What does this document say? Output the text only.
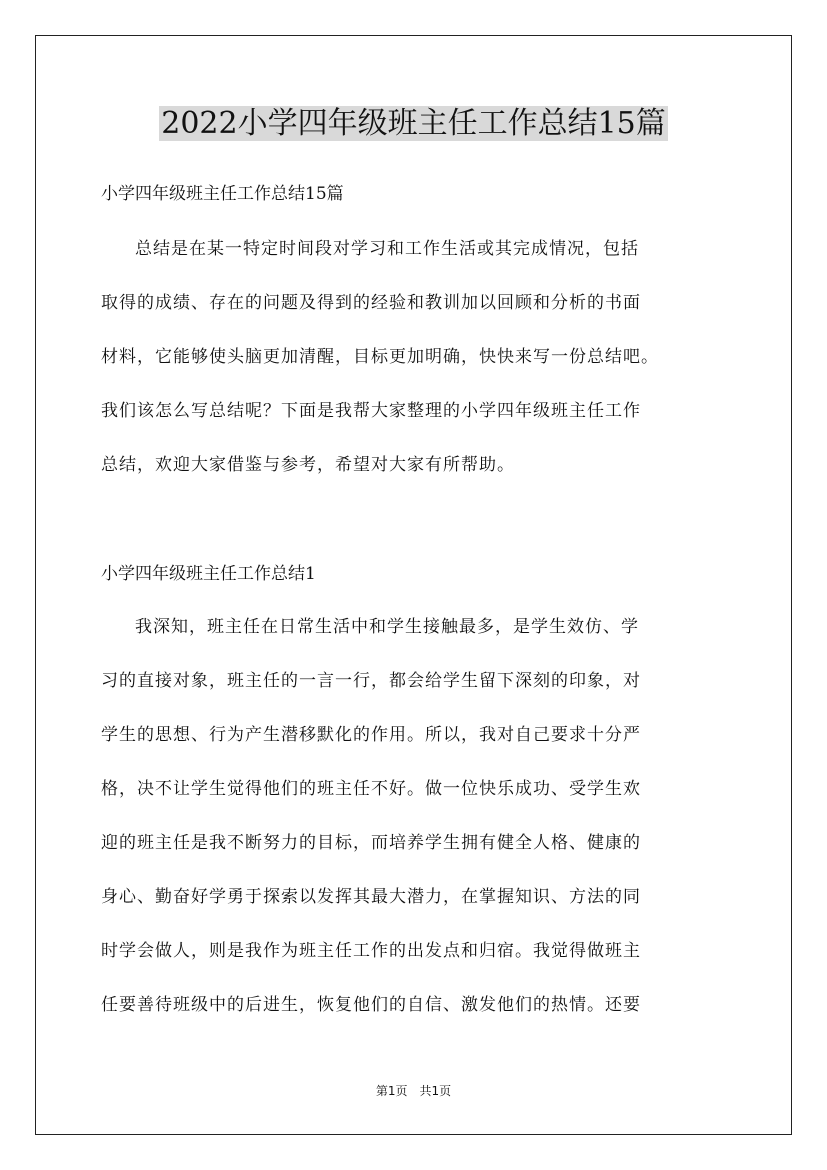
2022小学四年级班主任工作总结15篇
小学四年级班主任工作总结15篇
总结是在某一特定时间段对学习和工作生活或其完成情况，包括
取得的成绩、存在的问题及得到的经验和教训加以回顾和分析的书面
材料，它能够使头脑更加清醒，目标更加明确，快快来写一份总结吧。
我们该怎么写总结呢？下面是我帮大家整理的小学四年级班主任工作
总结，欢迎大家借鉴与参考，希望对大家有所帮助。
小学四年级班主任工作总结1
我深知，班主任在日常生活中和学生接触最多，是学生效仿、学
习的直接对象，班主任的一言一行，都会给学生留下深刻的印象，对
学生的思想、行为产生潜移默化的作用。所以，我对自己要求十分严
格，决不让学生觉得他们的班主任不好。做一位快乐成功、受学生欢
迎的班主任是我不断努力的目标，而培养学生拥有健全人格、健康的
身心、勤奋好学勇于探索以发挥其最大潜力，在掌握知识、方法的同
时学会做人，则是我作为班主任工作的出发点和归宿。我觉得做班主
任要善待班级中的后进生，恢复他们的自信、激发他们的热情。还要
第1页　共1页
